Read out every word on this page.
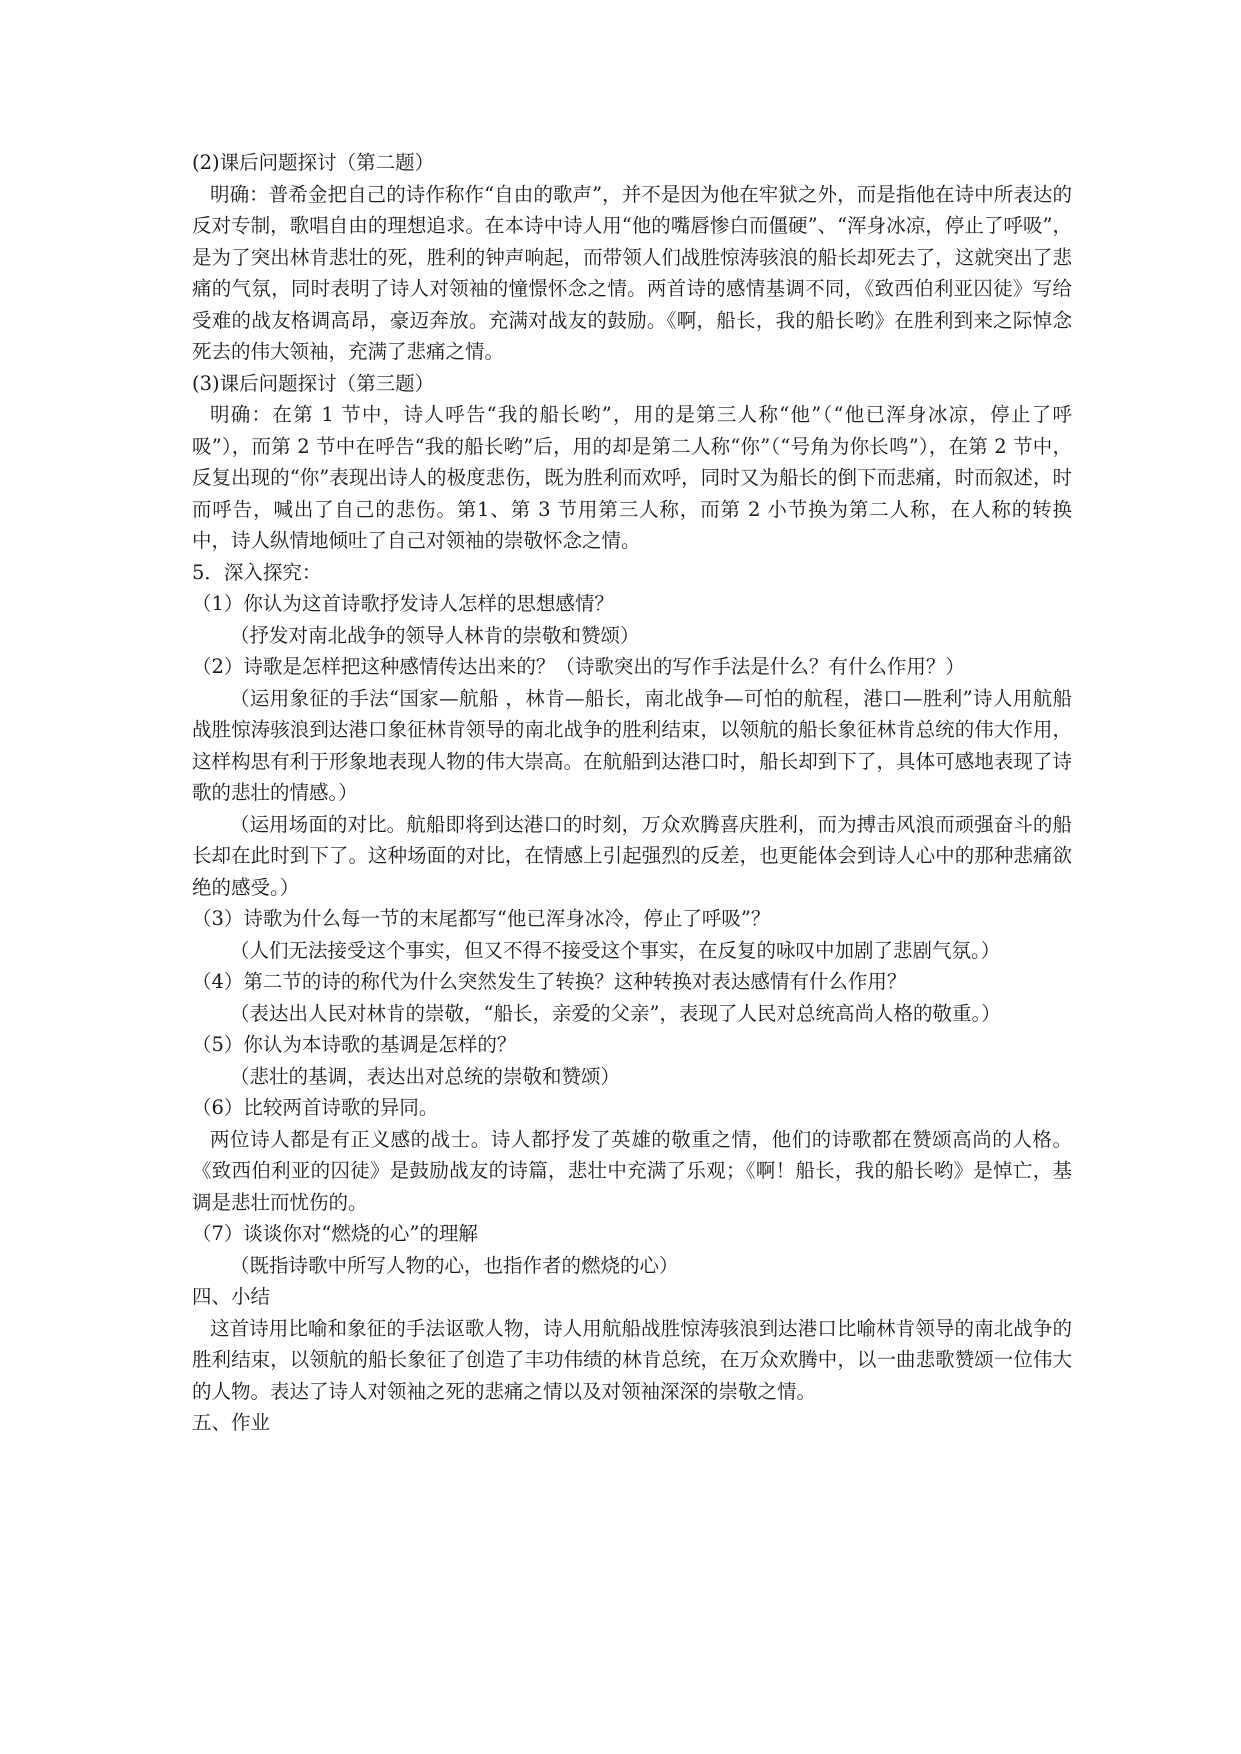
(2)课后问题探讨（第二题）
明确：普希金把自己的诗作称作“自由的歌声”，并不是因为他在牢狱之外，而是指他在诗中所表达的反对专制，歌唱自由的理想追求。在本诗中诗人用“他的嘴唇惨白而僵硬”、“浑身冰凉，停止了呼吸”，是为了突出林肯悲壮的死，胜利的钟声响起，而带领人们战胜惊涛骇浪的船长却死去了，这就突出了悲痛的气氛，同时表明了诗人对领袖的憧憬怀念之情。两首诗的感情基调不同，《致西伯利亚囚徒》写给受难的战友格调高昂，豪迈奔放。充满对战友的鼓励。《啊，船长，我的船长哟》在胜利到来之际悼念死去的伟大领袖，充满了悲痛之情。
(3)课后问题探讨（第三题）
明确：在第 1 节中，诗人呼告“我的船长哟”，用的是第三人称“他”（“他已浑身冰凉，停止了呼吸”），而第 2 节中在呼告“我的船长哟”后，用的却是第二人称“你”（“号角为你长鸣”），在第 2 节中，反复出现的“你”表现出诗人的极度悲伤，既为胜利而欢呼，同时又为船长的倒下而悲痛，时而叙述，时而呼告，喊出了自己的悲伤。第1、第 3 节用第三人称，而第 2 小节换为第二人称，在人称的转换中，诗人纵情地倾吐了自己对领袖的崇敬怀念之情。
5．深入探究：
（1）你认为这首诗歌抒发诗人怎样的思想感情？
（抒发对南北战争的领导人林肯的崇敬和赞颂）
（2）诗歌是怎样把这种感情传达出来的？（诗歌突出的写作手法是什么？有什么作用？）
（运用象征的手法“国家—航船 ，林肯—船长，南北战争—可怕的航程，港口—胜利”诗人用航船战胜惊涛骇浪到达港口象征林肯领导的南北战争的胜利结束，以领航的船长象征林肯总统的伟大作用，这样构思有利于形象地表现人物的伟大崇高。在航船到达港口时，船长却到下了，具体可感地表现了诗歌的悲壮的情感。）
（运用场面的对比。航船即将到达港口的时刻，万众欢腾喜庆胜利，而为搏击风浪而顽强奋斗的船长却在此时到下了。这种场面的对比，在情感上引起强烈的反差，也更能体会到诗人心中的那种悲痛欲绝的感受。）
（3）诗歌为什么每一节的末尾都写“他已浑身冰冷，停止了呼吸”？
（人们无法接受这个事实，但又不得不接受这个事实，在反复的咏叹中加剧了悲剧气氛。）
（4）第二节的诗的称代为什么突然发生了转换？这种转换对表达感情有什么作用？
（表达出人民对林肯的崇敬，“船长，亲爱的父亲”，表现了人民对总统高尚人格的敬重。）
（5）你认为本诗歌的基调是怎样的？
（悲壮的基调，表达出对总统的崇敬和赞颂）
（6）比较两首诗歌的异同。
两位诗人都是有正义感的战士。诗人都抒发了英雄的敬重之情，他们的诗歌都在赞颂高尚的人格。《致西伯利亚的囚徒》是鼓励战友的诗篇，悲壮中充满了乐观；《啊！船长，我的船长哟》是悼亡，基调是悲壮而忧伤的。
（7）谈谈你对“燃烧的心”的理解
（既指诗歌中所写人物的心，也指作者的燃烧的心）
四、小结
这首诗用比喻和象征的手法讴歌人物，诗人用航船战胜惊涛骇浪到达港口比喻林肯领导的南北战争的胜利结束，以领航的船长象征了创造了丰功伟绩的林肯总统，在万众欢腾中，以一曲悲歌赞颂一位伟大的人物。表达了诗人对领袖之死的悲痛之情以及对领袖深深的崇敬之情。
五、作业
